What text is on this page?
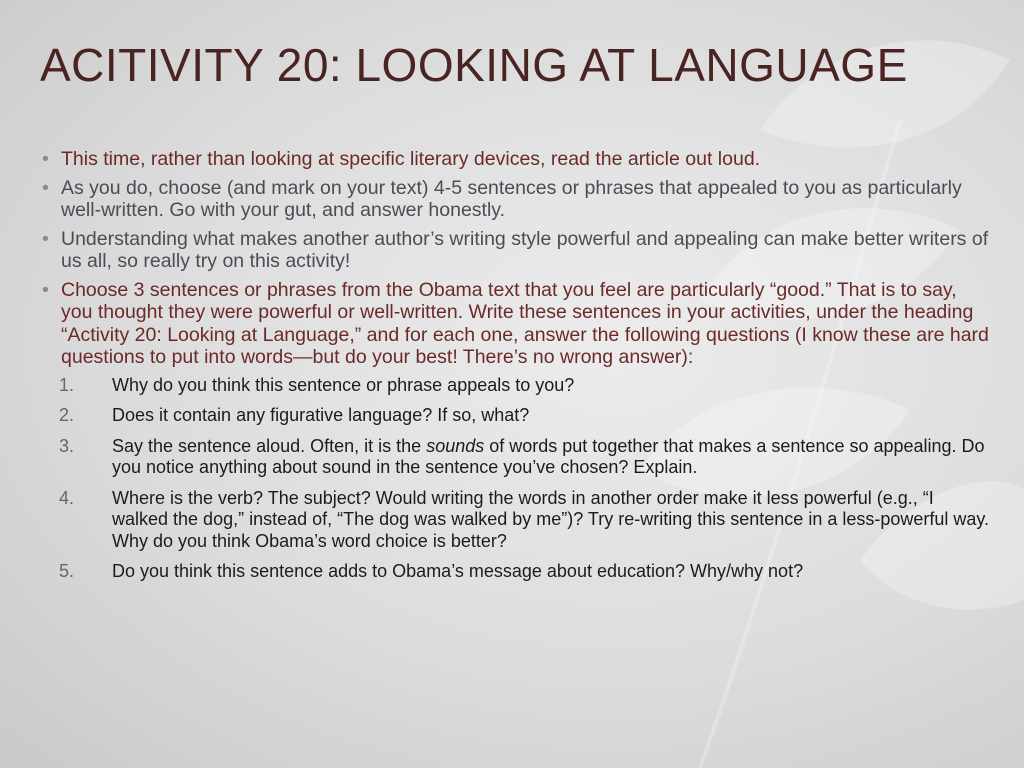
ACITIVITY 20: LOOKING AT LANGUAGE
• This time, rather than looking at specific literary devices, read the article out loud.
• As you do, choose (and mark on your text) 4-5 sentences or phrases that appealed to you as particularly well-written. Go with your gut, and answer honestly.
• Understanding what makes another author’s writing style powerful and appealing can make better writers of us all, so really try on this activity!
• Choose 3 sentences or phrases from the Obama text that you feel are particularly “good.” That is to say, you thought they were powerful or well-written. Write these sentences in your activities, under the heading “Activity 20: Looking at Language,” and for each one, answer the following questions (I know these are hard questions to put into words—but do your best! There’s no wrong answer):
1. Why do you think this sentence or phrase appeals to you?
2. Does it contain any figurative language? If so, what?
3. Say the sentence aloud. Often, it is the sounds of words put together that makes a sentence so appealing. Do you notice anything about sound in the sentence you’ve chosen? Explain.
4. Where is the verb? The subject? Would writing the words in another order make it less powerful (e.g., “I walked the dog,” instead of, “The dog was walked by me”)? Try re-writing this sentence in a less-powerful way. Why do you think Obama’s word choice is better?
5. Do you think this sentence adds to Obama’s message about education? Why/why not?
